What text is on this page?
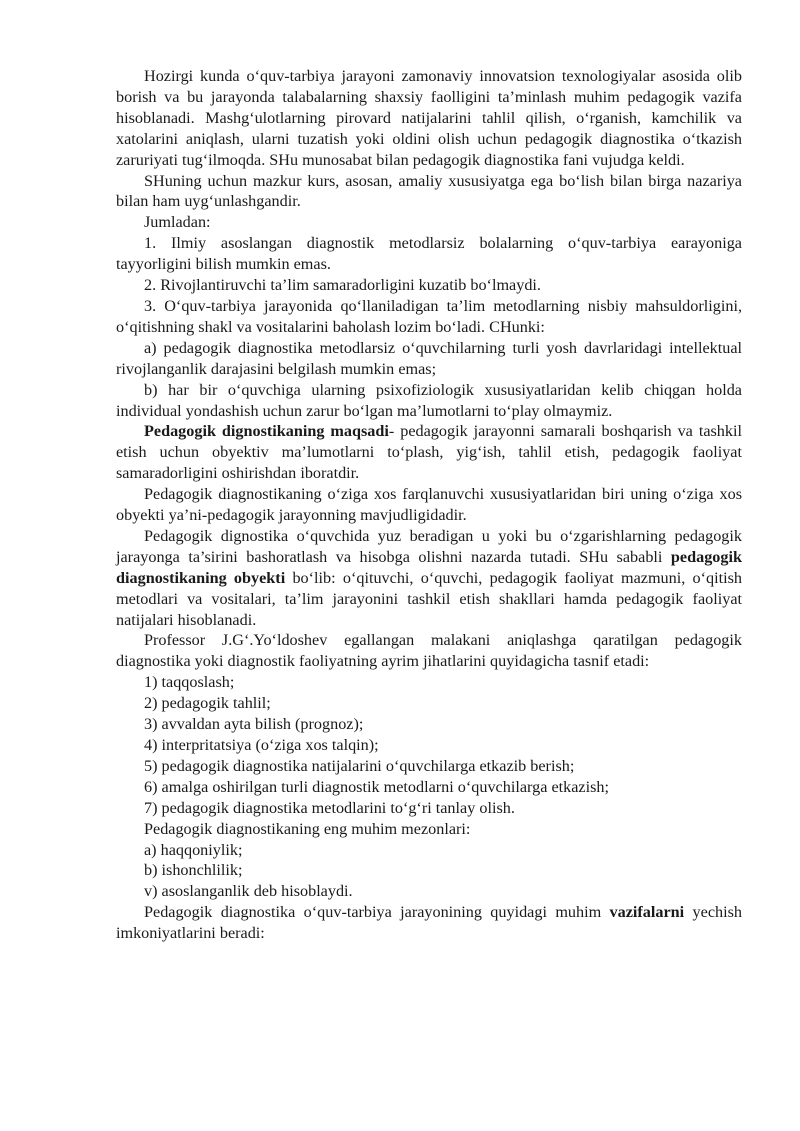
Hozirgi kunda o‘quv-tarbiya jarayoni zamonaviy innovatsion texnologiyalar asosida olib borish va bu jarayonda talabalarning shaxsiy faolligini ta’minlash muhim pedagogik vazifa hisoblanadi. Mashg‘ulotlarning pirovard natijalarini tahlil qilish, o‘rganish, kamchilik va xatolarini aniqlash, ularni tuzatish yoki oldini olish uchun pedagogik diagnostika o‘tkazish zaruriyati tug‘ilmoqda. SHu munosabat bilan pedagogik diagnostika fani vujudga keldi.

SHuning uchun mazkur kurs, asosan, amaliy xususiyatga ega bo‘lish bilan birga nazariya bilan ham uyg‘unlashgandir.

Jumladan:

1. Ilmiy asoslangan diagnostik metodlarsiz bolalarning o‘quv-tarbiya earayoniga tayyorligini bilish mumkin emas.

2. Rivojlantiruvchi ta’lim samaradorligini kuzatib bo‘lmaydi.

3. O‘quv-tarbiya jarayonida qo‘llaniladigan ta’lim metodlarning nisbiy mahsuldorligini, o‘qitishning shakl va vositalarini baholash lozim bo‘ladi. CHunki:

a) pedagogik diagnostika metodlarsiz o‘quvchilarning turli yosh davrlaridagi intellektual rivojlanganlik darajasini belgilash mumkin emas;

b) har bir o‘quvchiga ularning psixofiziologik xususiyatlaridan kelib chiqgan holda individual yondashish uchun zarur bo‘lgan ma’lumotlarni to‘play olmaymiz.

Pedagogik dignostikaning maqsadi- pedagogik jarayonni samarali boshqarish va tashkil etish uchun obyektiv ma’lumotlarni to‘plash, yig‘ish, tahlil etish, pedagogik faoliyat samaradorligini oshirishdan iboratdir.

Pedagogik diagnostikaning o‘ziga xos farqlanuvchi xususiyatlaridan biri uning o‘ziga xos obyekti ya’ni-pedagogik jarayonning mavjudligidadir.

Pedagogik dignostika o‘quvchida yuz beradigan u yoki bu o‘zgarishlarning pedagogik jarayonga ta’sirini bashoratlash va hisobga olishni nazarda tutadi. SHu sababli pedagogik diagnostikaning obyekti bo‘lib: o‘qituvchi, o‘quvchi, pedagogik faoliyat mazmuni, o‘qitish metodlari va vositalari, ta’lim jarayonini tashkil etish shakllari hamda pedagogik faoliyat natijalari hisoblanadi.

Professor J.G‘.Yo‘ldoshev egallangan malakani aniqlashga qaratilgan pedagogik diagnostika yoki diagnostik faoliyatning ayrim jihatlarini quyidagicha tasnif etadi:

1) taqqoslash;

2) pedagogik tahlil;

3) avvaldan ayta bilish (prognoz);

4) interpritatsiya (o‘ziga xos talqin);

5) pedagogik diagnostika natijalarini o‘quvchilarga etkazib berish;

6) amalga oshirilgan turli diagnostik metodlarni o‘quvchilarga etkazish;

7) pedagogik diagnostika metodlarini to‘g‘ri tanlay olish.

Pedagogik diagnostikaning eng muhim mezonlari:

a) haqqoniylik;

b) ishonchlilik;

v) asoslanganlik deb hisoblaydi.

Pedagogik diagnostika o‘quv-tarbiya jarayonining quyidagi muhim vazifalarni yechish imkoniyatlarini beradi:
